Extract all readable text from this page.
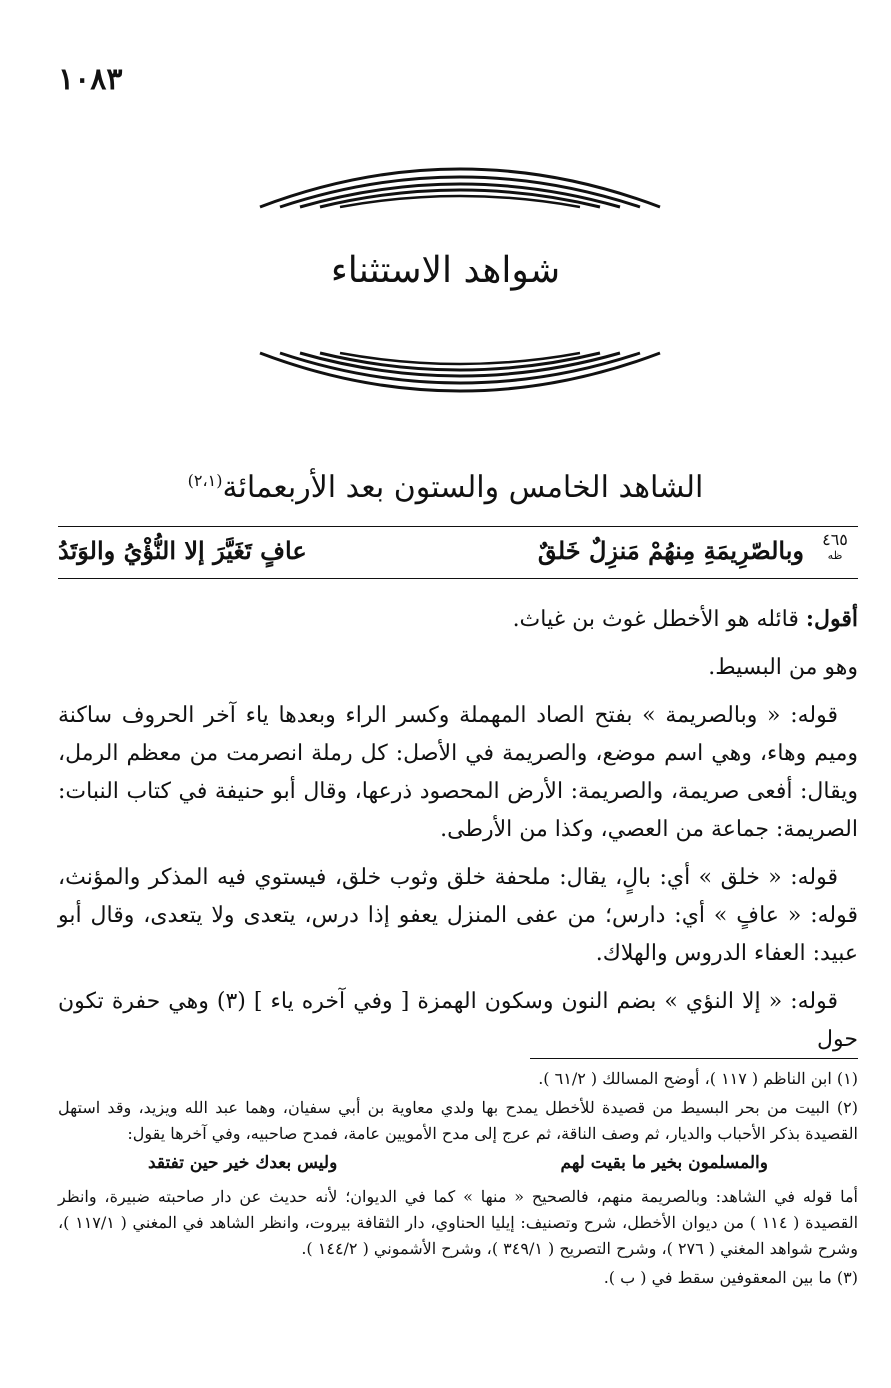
١٠٨٣
شواهد الاستثناء
الشاهد الخامس والستون بعد الأربعمائة$^{(٢،١)}$
٤٦٥
ظه
وبالصّرِيمَةِ مِنهُمْ مَنزِلٌ خَلقٌ
عافٍ تَغَيَّرَ إلا النُّؤْيُ والوَتَدُ

أقول: قائله هو الأخطل غوث بن غياث.

وهو من البسيط.

قوله: « وبالصريمة » بفتح الصاد المهملة وكسر الراء وبعدها ياء آخر الحروف ساكنة وميم وهاء، وهي اسم موضع، والصريمة في الأصل: كل رملة انصرمت من معظم الرمل، ويقال: أفعى صريمة، والصريمة: الأرض المحصود ذرعها، وقال أبو حنيفة في كتاب النبات: الصريمة: جماعة من العصي، وكذا من الأرطى.

قوله: « خلق » أي: بالٍ، يقال: ملحفة خلق وثوب خلق، فيستوي فيه المذكر والمؤنث، قوله: « عافٍ » أي: دارس؛ من عفى المنزل يعفو إذا درس، يتعدى ولا يتعدى، وقال أبو عبيد: العفاء الدروس والهلاك.

قوله: « إلا النؤي » بضم النون وسكون الهمزة [ وفي آخره ياء ] (٣) وهي حفرة تكون حول

(١) ابن الناظم ( ١١٧ )، أوضح المسالك ( ٦١/٢ ).

(٢) البيت من بحر البسيط من قصيدة للأخطل يمدح بها ولدي معاوية بن أبي سفيان، وهما عبد الله ويزيد، وقد استهل القصيدة بذكر الأحباب والديار، ثم وصف الناقة، ثم عرج إلى مدح الأمويين عامة، فمدح صاحبيه، وفي آخرها يقول:

والمسلمون بخير ما بقيت لهم
وليس بعدك خير حين تفتقد

أما قوله في الشاهد: وبالصريمة منهم، فالصحيح « منها » كما في الديوان؛ لأنه حديث عن دار صاحبته ضبيرة، وانظر القصيدة ( ١١٤ ) من ديوان الأخطل، شرح وتصنيف: إيليا الحناوي، دار الثقافة بيروت، وانظر الشاهد في المغني ( ١١٧/١ )، وشرح شواهد المغني ( ٢٧٦ )، وشرح التصريح ( ٣٤٩/١ )، وشرح الأشموني ( ١٤٤/٢ ).

(٣) ما بين المعقوفين سقط في ( ب ).
